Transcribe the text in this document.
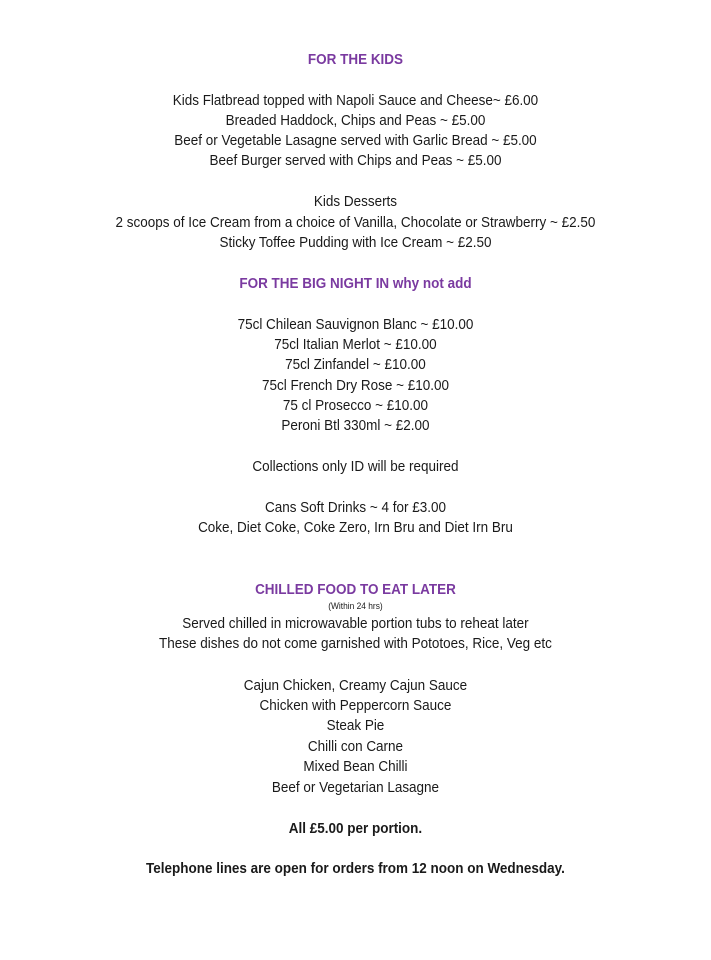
FOR THE KIDS
Kids Flatbread topped with Napoli Sauce and Cheese~ £6.00
Breaded Haddock, Chips and Peas ~ £5.00
Beef or Vegetable Lasagne served with Garlic Bread ~ £5.00
Beef Burger served with Chips and Peas ~ £5.00
Kids Desserts
2 scoops of Ice Cream from a choice of Vanilla, Chocolate or Strawberry ~ £2.50
Sticky Toffee Pudding with Ice Cream ~ £2.50
FOR THE BIG NIGHT IN why not add
75cl Chilean Sauvignon Blanc ~ £10.00
75cl Italian Merlot ~ £10.00
75cl Zinfandel ~ £10.00
75cl French Dry Rose ~ £10.00
75 cl Prosecco ~ £10.00
Peroni Btl 330ml ~ £2.00
Collections only ID will be required
Cans Soft Drinks ~ 4 for £3.00
Coke, Diet Coke, Coke Zero, Irn Bru and Diet Irn Bru
CHILLED FOOD TO EAT LATER
(Within 24 hrs)
Served chilled in microwavable portion tubs to reheat later
These dishes do not come garnished with Pototoes, Rice, Veg etc
Cajun Chicken, Creamy Cajun Sauce
Chicken with Peppercorn Sauce
Steak Pie
Chilli con Carne
Mixed Bean Chilli
Beef or Vegetarian Lasagne
All £5.00 per portion.
Telephone lines are open for orders from 12 noon on Wednesday.
